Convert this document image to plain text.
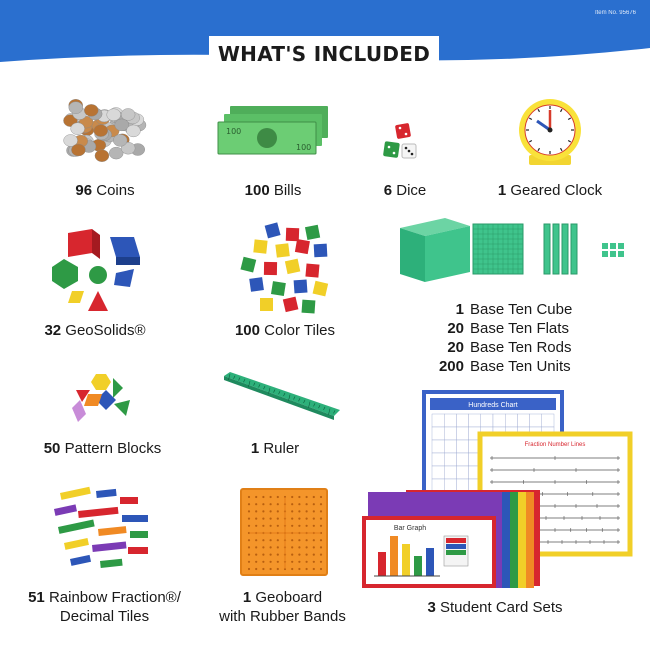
Item No. 95676
WHAT'S INCLUDED
96 Coins
100
100
100 Bills	6 Dice	1 Geared Clock
32 GeoSolids®	100 Color Tiles
1 Base Ten Cube
20 Base Ten Flats
20 Base Ten Rods
200 Base Ten Units
50 Pattern Blocks	1 Ruler
51 Rainbow Fraction®/
Decimal Tiles
1 Geoboard
with Rubber Bands
Hundreds Chart
Fraction Number Lines
Bar Graph
3 Student Card Sets
